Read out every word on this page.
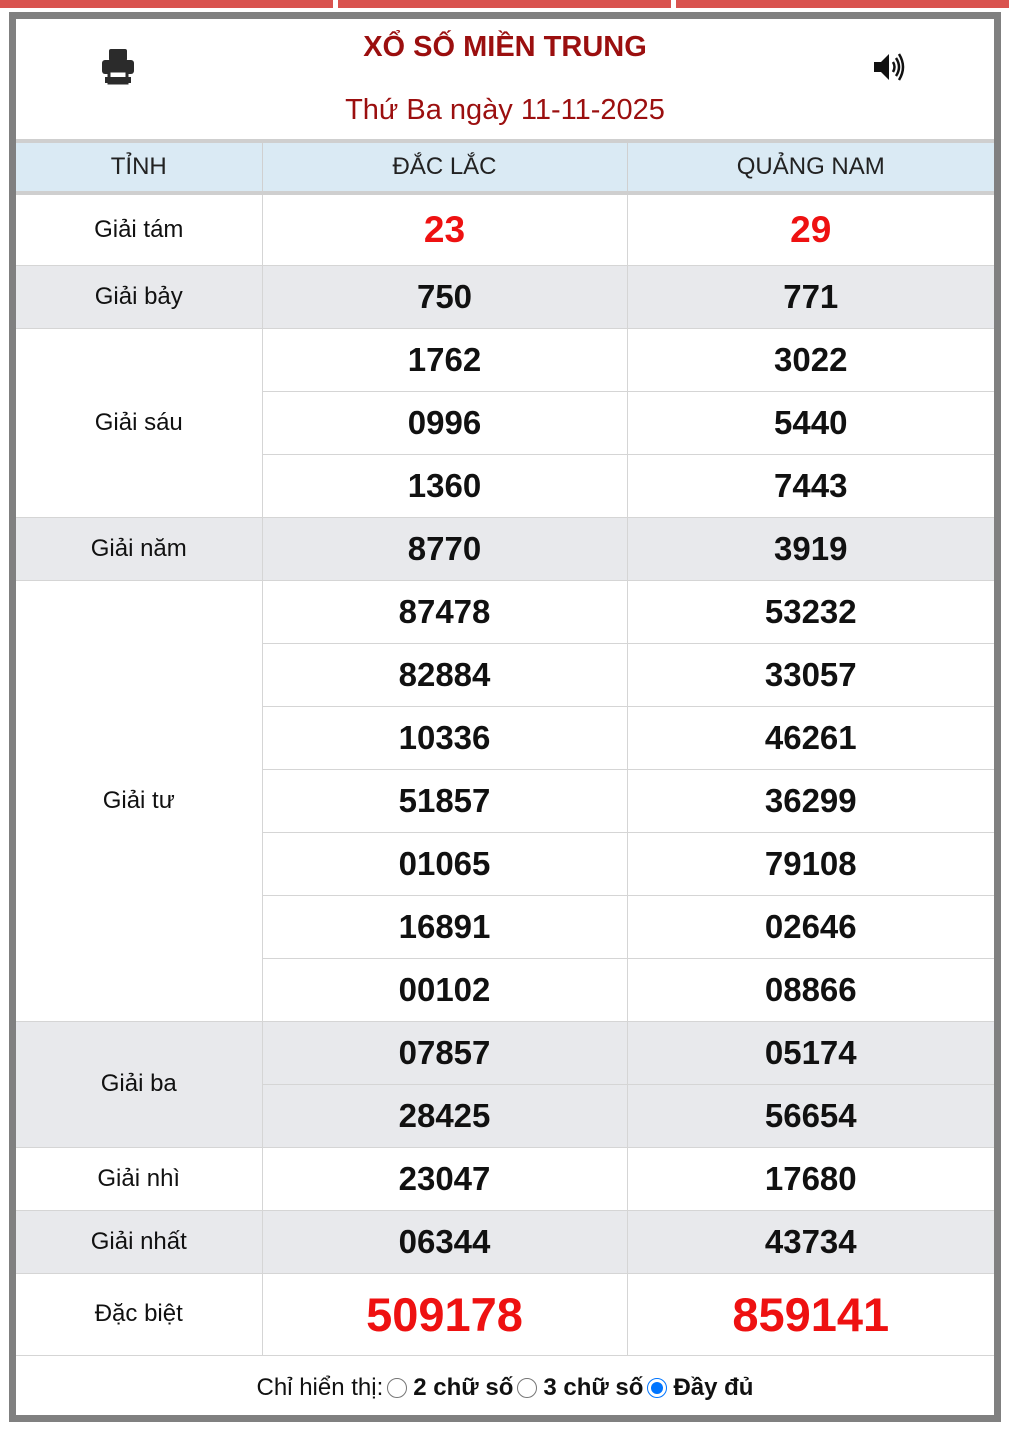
XỔ SỐ MIỀN TRUNG
Thứ Ba ngày 11-11-2025
TỈNH	ĐẮC LẮC	QUẢNG NAM
Giải tám	23	29
Giải bảy	750	771
Giải sáu	1762	3022
	0996	5440
	1360	7443
Giải năm	8770	3919
Giải tư	87478	53232
	82884	33057
	10336	46261
	51857	36299
	01065	79108
	16891	02646
	00102	08866
Giải ba	07857	05174
	28425	56654
Giải nhì	23047	17680
Giải nhất	06344	43734
Đặc biệt	509178	859141
Chỉ hiển thị: 2 chữ số 3 chữ số Đầy đủ
